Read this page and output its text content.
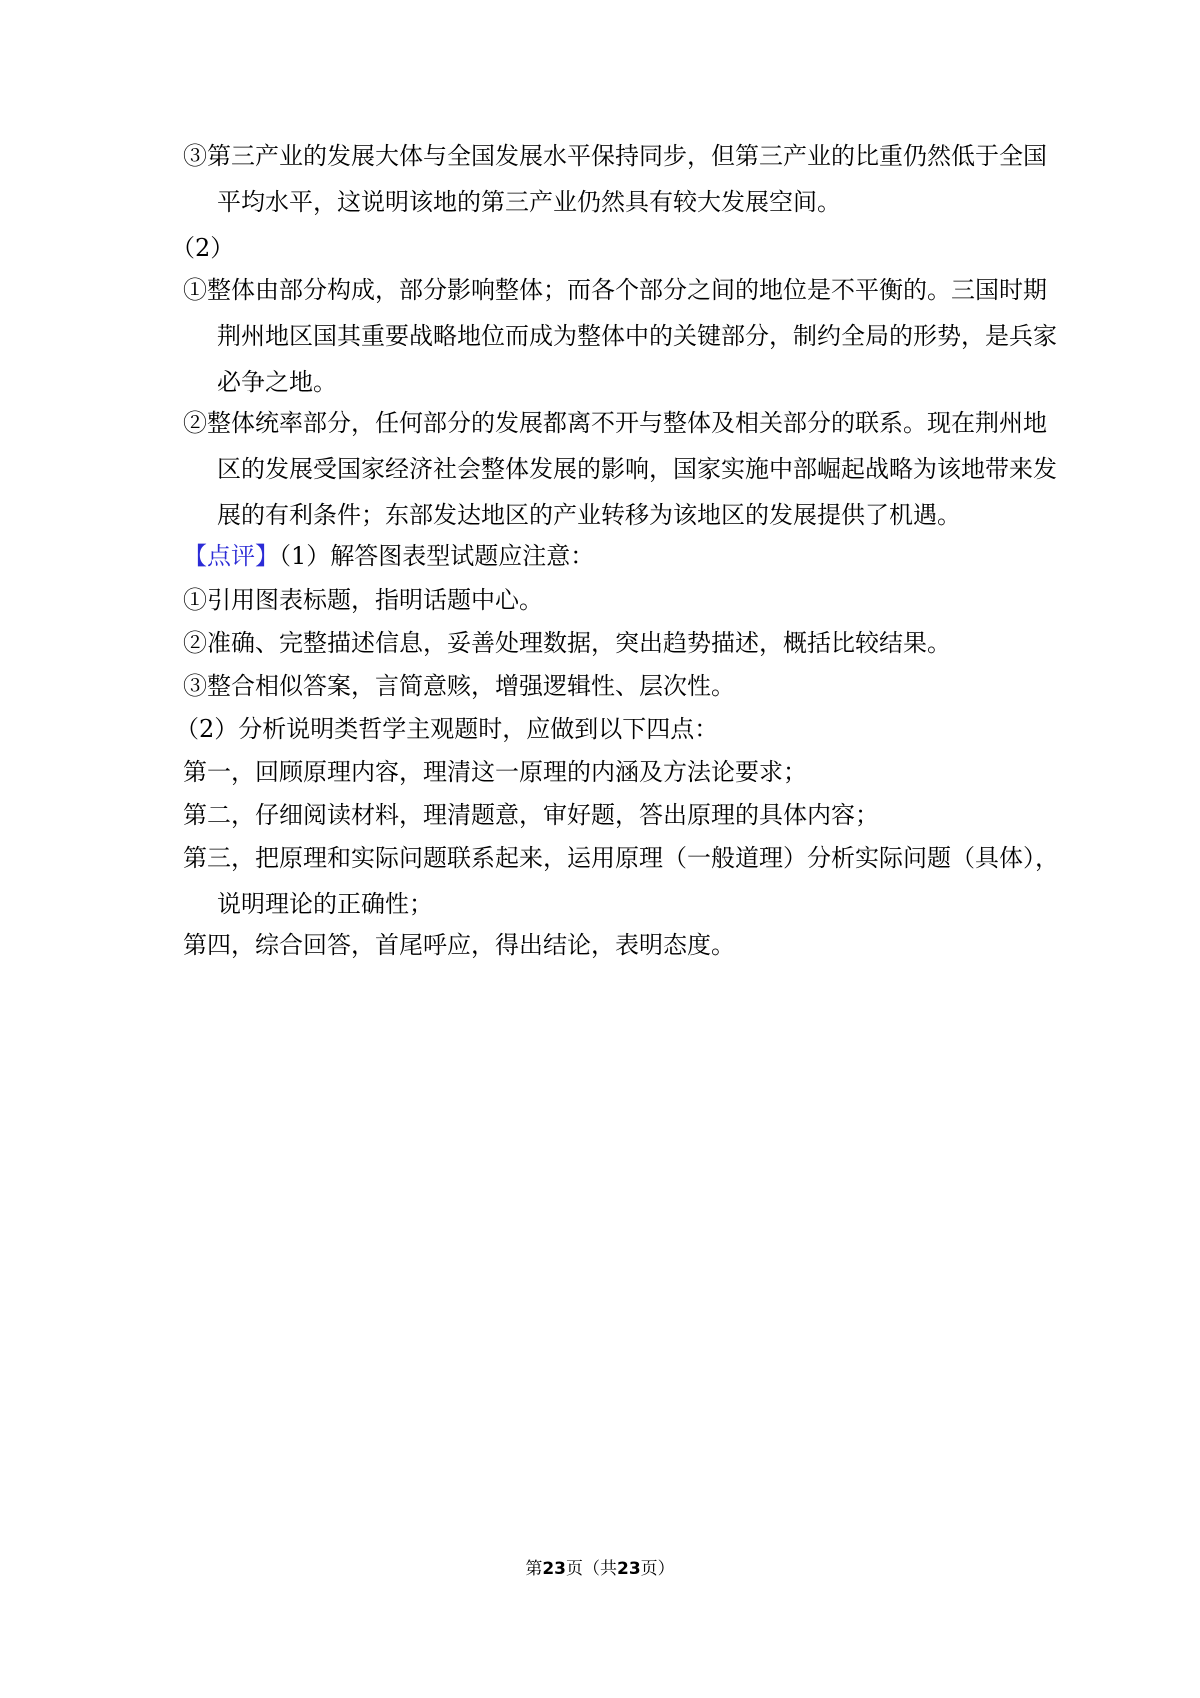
③第三产业的发展大体与全国发展水平保持同步，但第三产业的比重仍然低于全国平均水平，这说明该地的第三产业仍然具有较大发展空间。

（2）

①整体由部分构成，部分影响整体；而各个部分之间的地位是不平衡的。三国时期荆州地区国其重要战略地位而成为整体中的关键部分，制约全局的形势，是兵家必争之地。

②整体统率部分，任何部分的发展都离不开与整体及相关部分的联系。现在荆州地区的发展受国家经济社会整体发展的影响，国家实施中部崛起战略为该地带来发展的有利条件；东部发达地区的产业转移为该地区的发展提供了机遇。

【点评】（1）解答图表型试题应注意：

①引用图表标题，指明话题中心。

②准确、完整描述信息，妥善处理数据，突出趋势描述，概括比较结果。

③整合相似答案，言简意赅，增强逻辑性、层次性。

（2）分析说明类哲学主观题时，应做到以下四点：

第一，回顾原理内容，理清这一原理的内涵及方法论要求；

第二，仔细阅读材料，理清题意，审好题，答出原理的具体内容；

第三，把原理和实际问题联系起来，运用原理（一般道理）分析实际问题（具体），说明理论的正确性；

第四，综合回答，首尾呼应，得出结论，表明态度。

第23页（共23页）
